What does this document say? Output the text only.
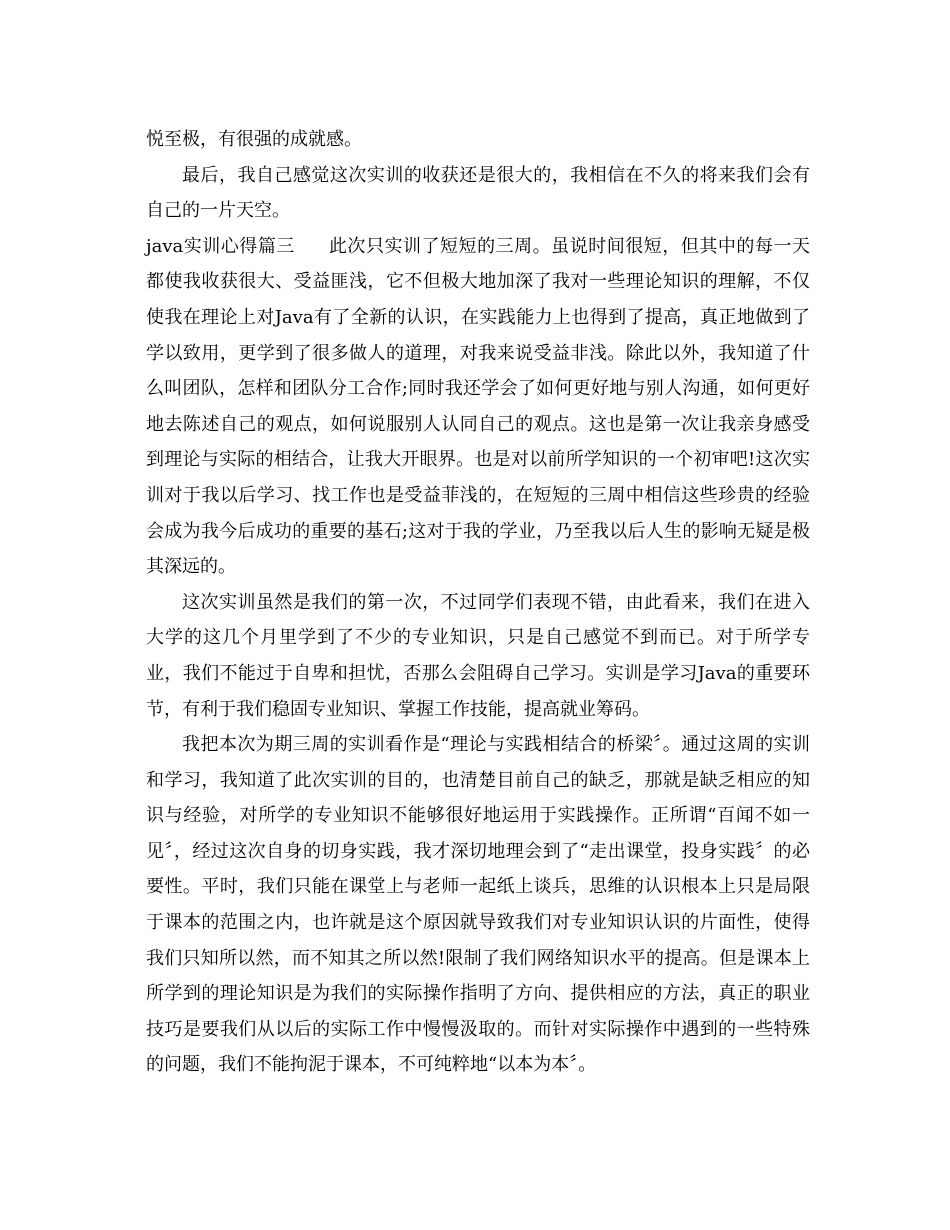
悦至极，有很强的成就感。

最后，我自己感觉这次实训的收获还是很大的，我相信在不久的将来我们会有自己的一片天空。

java实训心得篇三 此次只实训了短短的三周。虽说时间很短，但其中的每一天都使我收获很大、受益匪浅，它不但极大地加深了我对一些理论知识的理解，不仅使我在理论上对Java有了全新的认识，在实践能力上也得到了提高，真正地做到了学以致用，更学到了很多做人的道理，对我来说受益非浅。除此以外，我知道了什么叫团队，怎样和团队分工合作;同时我还学会了如何更好地与别人沟通，如何更好地去陈述自己的观点，如何说服别人认同自己的观点。这也是第一次让我亲身感受到理论与实际的相结合，让我大开眼界。也是对以前所学知识的一个初审吧!这次实训对于我以后学习、找工作也是受益菲浅的，在短短的三周中相信这些珍贵的经验会成为我今后成功的重要的基石;这对于我的学业，乃至我以后人生的影响无疑是极其深远的。

这次实训虽然是我们的第一次，不过同学们表现不错，由此看来，我们在进入大学的这几个月里学到了不少的专业知识，只是自己感觉不到而已。对于所学专业，我们不能过于自卑和担忧，否那么会阻碍自己学习。实训是学习Java的重要环节，有利于我们稳固专业知识、掌握工作技能，提高就业筹码。

我把本次为期三周的实训看作是“理论与实践相结合的桥梁〞。通过这周的实训和学习，我知道了此次实训的目的，也清楚目前自己的缺乏，那就是缺乏相应的知识与经验，对所学的专业知识不能够很好地运用于实践操作。正所谓“百闻不如一见〞，经过这次自身的切身实践，我才深切地理会到了“走出课堂，投身实践〞的必要性。平时，我们只能在课堂上与老师一起纸上谈兵，思维的认识根本上只是局限于课本的范围之内，也许就是这个原因就导致我们对专业知识认识的片面性，使得我们只知所以然，而不知其之所以然!限制了我们网络知识水平的提高。但是课本上所学到的理论知识是为我们的实际操作指明了方向、提供相应的方法，真正的职业技巧是要我们从以后的实际工作中慢慢汲取的。而针对实际操作中遇到的一些特殊的问题，我们不能拘泥于课本，不可纯粹地“以本为本〞。
